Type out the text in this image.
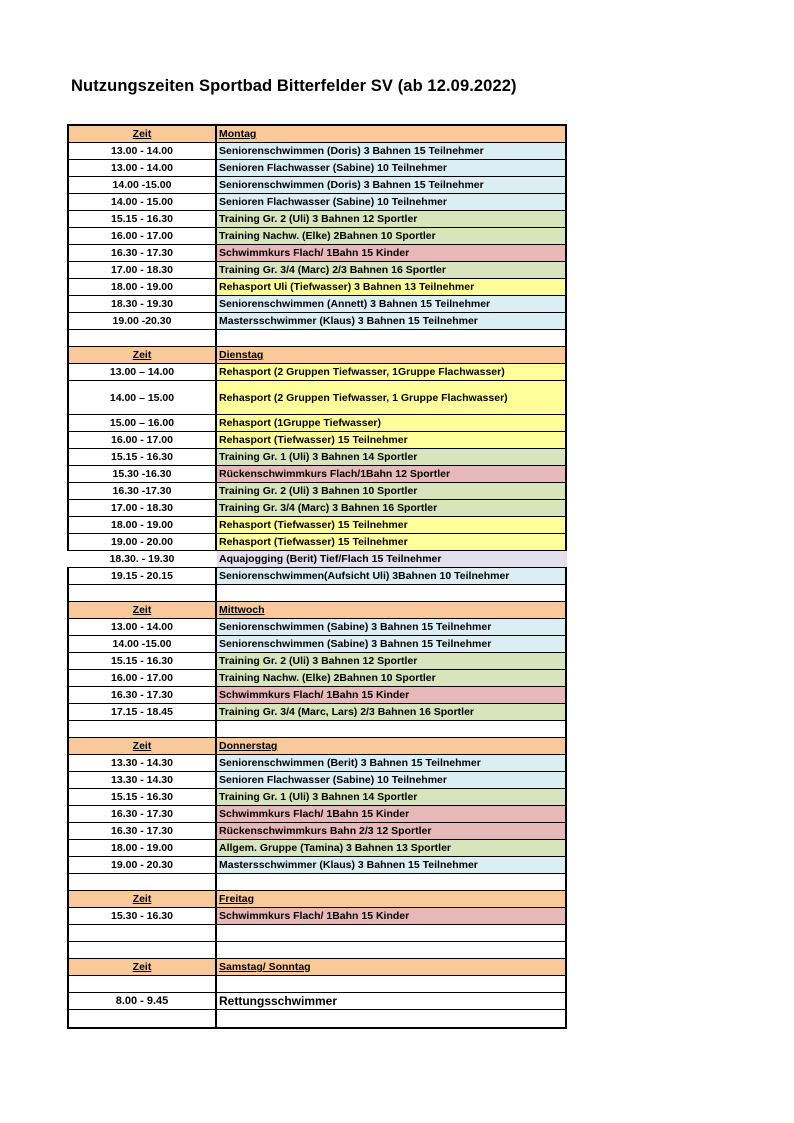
Nutzungszeiten Sportbad Bitterfelder SV (ab 12.09.2022)
Zeit	Montag
13.00 - 14.00	Seniorenschwimmen (Doris) 3 Bahnen 15 Teilnehmer
13.00 - 14.00	Senioren Flachwasser (Sabine) 10 Teilnehmer
14.00 -15.00	Seniorenschwimmen (Doris) 3 Bahnen 15 Teilnehmer
14.00 - 15.00	Senioren Flachwasser (Sabine) 10 Teilnehmer
15.15 - 16.30	Training Gr. 2 (Uli) 3 Bahnen 12 Sportler
16.00 - 17.00	Training Nachw. (Elke) 2Bahnen 10 Sportler
16.30 - 17.30	Schwimmkurs Flach/ 1Bahn 15 Kinder
17.00 - 18.30	Training Gr. 3/4 (Marc) 2/3 Bahnen 16 Sportler
18.00 - 19.00	Rehasport Uli (Tiefwasser) 3 Bahnen 13 Teilnehmer
18.30 - 19.30	Seniorenschwimmen (Annett) 3 Bahnen 15 Teilnehmer
19.00 -20.30	Mastersschwimmer (Klaus) 3 Bahnen 15 Teilnehmer
Zeit	Dienstag
13.00 – 14.00	Rehasport (2 Gruppen Tiefwasser, 1Gruppe Flachwasser)
14.00 – 15.00	Rehasport (2 Gruppen Tiefwasser, 1 Gruppe Flachwasser)
15.00 – 16.00	Rehasport (1Gruppe Tiefwasser)
16.00 - 17.00	Rehasport (Tiefwasser) 15 Teilnehmer
15.15 - 16.30	Training Gr. 1 (Uli) 3 Bahnen 14 Sportler
15.30 -16.30	Rückenschwimmkurs Flach/1Bahn 12 Sportler
16.30 -17.30	Training Gr. 2 (Uli) 3 Bahnen 10 Sportler
17.00 - 18.30	Training Gr. 3/4 (Marc) 3 Bahnen 16 Sportler
18.00 - 19.00	Rehasport (Tiefwasser) 15 Teilnehmer
19.00 - 20.00	Rehasport (Tiefwasser) 15 Teilnehmer
18.30. - 19.30	Aquajogging (Berit) Tief/Flach 15 Teilnehmer
19.15 - 20.15	Seniorenschwimmen(Aufsicht Uli) 3Bahnen 10 Teilnehmer
Zeit	Mittwoch
13.00 - 14.00	Seniorenschwimmen (Sabine) 3 Bahnen 15 Teilnehmer
14.00 -15.00	Seniorenschwimmen (Sabine) 3 Bahnen 15 Teilnehmer
15.15 - 16.30	Training Gr. 2 (Uli) 3 Bahnen 12 Sportler
16.00 - 17.00	Training Nachw. (Elke) 2Bahnen 10 Sportler
16.30 - 17.30	Schwimmkurs Flach/ 1Bahn 15 Kinder
17.15 - 18.45	Training Gr. 3/4 (Marc, Lars) 2/3 Bahnen 16 Sportler
Zeit	Donnerstag
13.30 - 14.30	Seniorenschwimmen (Berit) 3 Bahnen 15 Teilnehmer
13.30 - 14.30	Senioren Flachwasser (Sabine) 10 Teilnehmer
15.15 - 16.30	Training Gr. 1 (Uli) 3 Bahnen 14 Sportler
16.30 - 17.30	Schwimmkurs Flach/ 1Bahn 15 Kinder
16.30 - 17.30	Rückenschwimmkurs Bahn 2/3 12 Sportler
18.00 - 19.00	Allgem. Gruppe (Tamina) 3 Bahnen 13 Sportler
19.00 - 20.30	Mastersschwimmer (Klaus) 3 Bahnen 15 Teilnehmer
Zeit	Freitag
15.30 - 16.30	Schwimmkurs Flach/ 1Bahn 15 Kinder
Zeit	Samstag/ Sonntag
8.00 - 9.45	Rettungsschwimmer
